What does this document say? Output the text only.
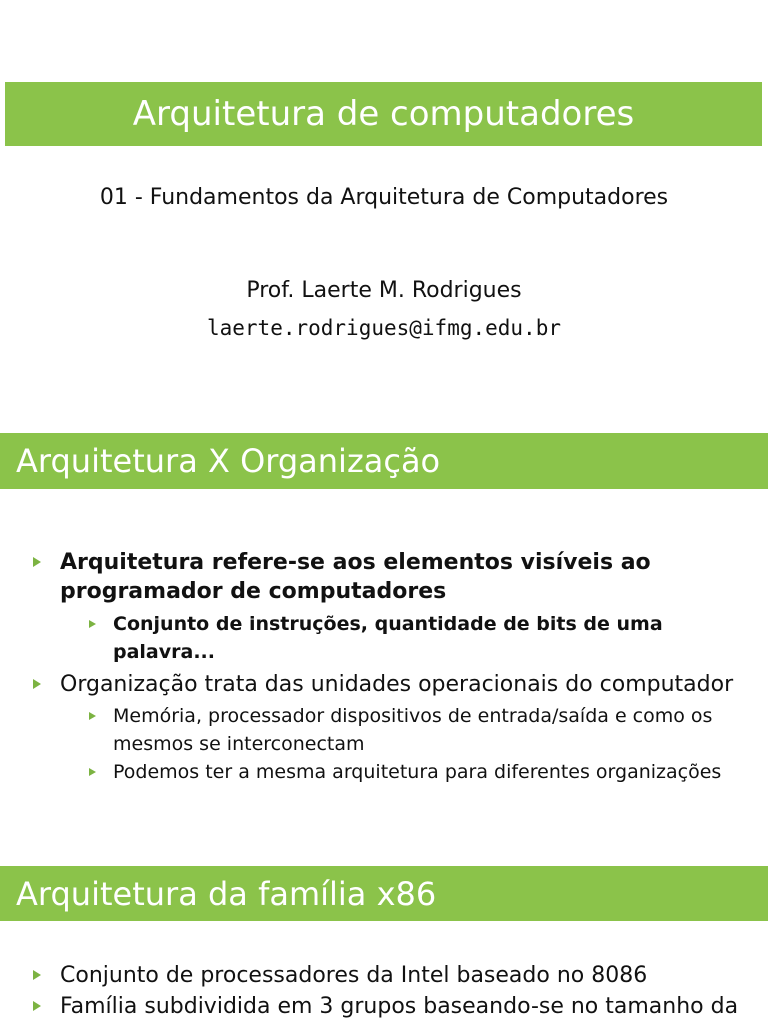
Arquitetura de computadores
01 - Fundamentos da Arquitetura de Computadores
Prof. Laerte M. Rodrigues
laerte.rodrigues@ifmg.edu.br
Arquitetura X Organização
Arquitetura refere-se aos elementos visíveis ao programador de computadores
Conjunto de instruções, quantidade de bits de uma palavra...
Organização trata das unidades operacionais do computador
Memória, processador dispositivos de entrada/saída e como os mesmos se interconectam
Podemos ter a mesma arquitetura para diferentes organizações
Arquitetura da família x86
Conjunto de processadores da Intel baseado no 8086
Família subdividida em 3 grupos baseando-se no tamanho da
